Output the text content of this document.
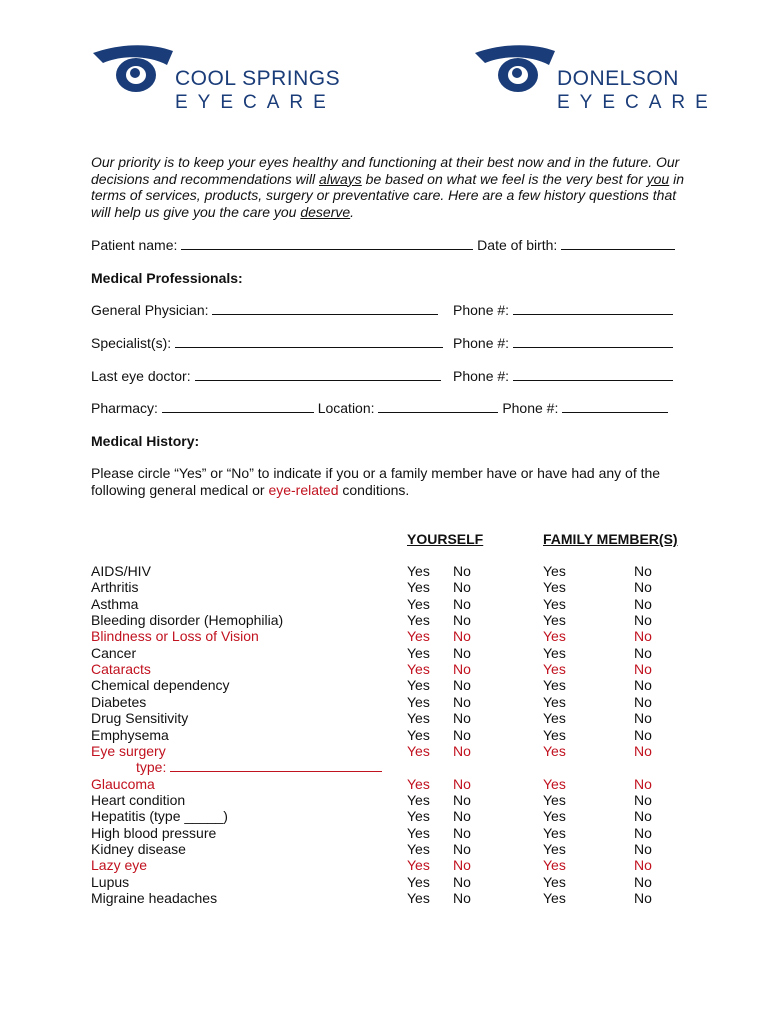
COOL SPRINGS
EYECARE
DONELSON
EYECARE
Our priority is to keep your eyes healthy and functioning at their best now and in the future. Our decisions and recommendations will always be based on what we feel is the very best for you in terms of services, products, surgery or preventative care. Here are a few history questions that will help us give you the care you deserve.
Patient name:	Date of birth:
Medical Professionals:
General Physician:	Phone #:
Specialist(s):	Phone #:
Last eye doctor:	Phone #:
Pharmacy:	Location:	Phone #:
Medical History:
Please circle “Yes” or “No” to indicate if you or a family member have or have had any of the following general medical or eye-related conditions.
YOURSELF	FAMILY MEMBER(S)
AIDS/HIV	Yes No	Yes	No
Arthritis	Yes No	Yes	No
Asthma	Yes No	Yes	No
Bleeding disorder (Hemophilia)	Yes No	Yes	No
Blindness or Loss of Vision	Yes No	Yes	No
Cancer	Yes No	Yes	No
Cataracts	Yes No	Yes	No
Chemical dependency	Yes No	Yes	No
Diabetes	Yes No	Yes	No
Drug Sensitivity	Yes No	Yes	No
Emphysema	Yes No	Yes	No
Eye surgery	Yes No	Yes	No
type:
Glaucoma	Yes No	Yes	No
Heart condition	Yes No	Yes	No
Hepatitis (type _____)	Yes No	Yes	No
High blood pressure	Yes No	Yes	No
Kidney disease	Yes No	Yes	No
Lazy eye	Yes No	Yes	No
Lupus	Yes No	Yes	No
Migraine headaches	Yes No	Yes	No
